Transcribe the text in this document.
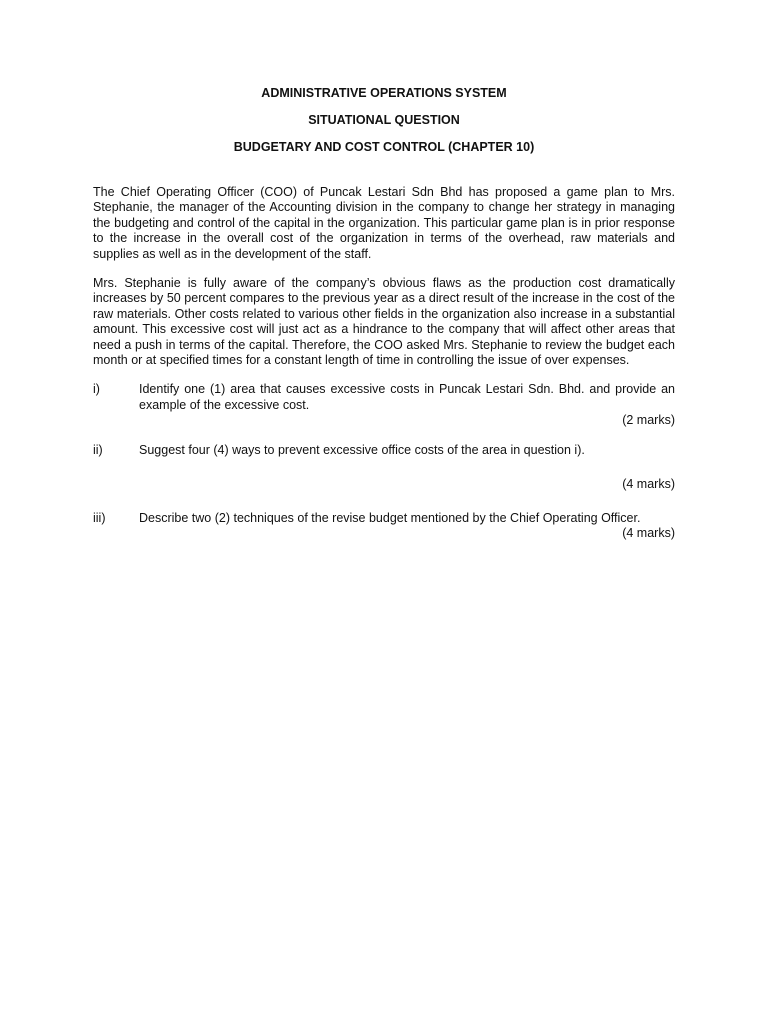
ADMINISTRATIVE OPERATIONS SYSTEM

SITUATIONAL QUESTION

BUDGETARY AND COST CONTROL (CHAPTER 10)

The Chief Operating Officer (COO) of Puncak Lestari Sdn Bhd has proposed a game plan to Mrs. Stephanie, the manager of the Accounting division in the company to change her strategy in managing the budgeting and control of the capital in the organization. This particular game plan is in prior response to the increase in the overall cost of the organization in terms of the overhead, raw materials and supplies as well as in the development of the staff.

Mrs. Stephanie is fully aware of the company’s obvious flaws as the production cost dramatically increases by 50 percent compares to the previous year as a direct result of the increase in the cost of the raw materials. Other costs related to various other fields in the organization also increase in a substantial amount. This excessive cost will just act as a hindrance to the company that will affect other areas that need a push in terms of the capital. Therefore, the COO asked Mrs. Stephanie to review the budget each month or at specified times for a constant length of time in controlling the issue of over expenses.

i)	Identify one (1) area that causes excessive costs in Puncak Lestari Sdn. Bhd. and provide an example of the excessive cost.
(2 marks)
ii)	Suggest four (4) ways to prevent excessive office costs of the area in question i).
(4 marks)
iii)	Describe two (2) techniques of the revise budget mentioned by the Chief Operating Officer.
(4 marks)
